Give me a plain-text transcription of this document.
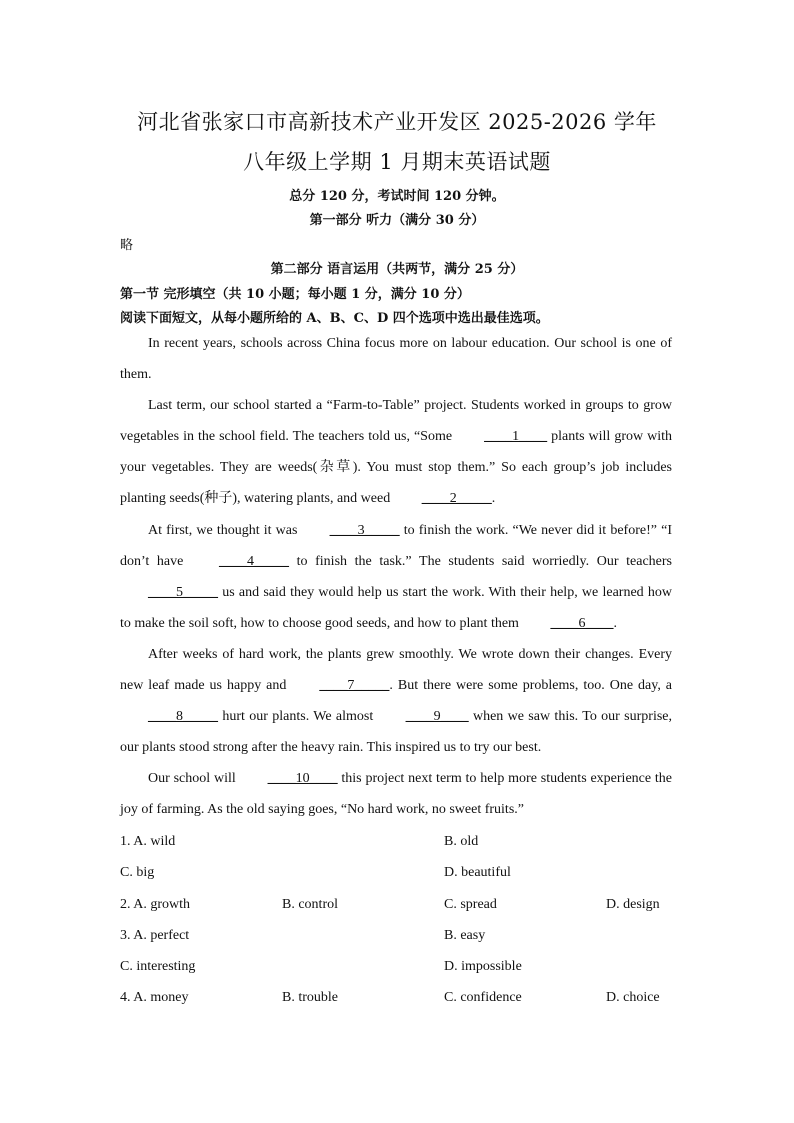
河北省张家口市高新技术产业开发区 2025-2026 学年
八年级上学期 1 月期末英语试题
总分 120 分，考试时间 120 分钟。
第一部分 听力（满分 30 分）
略
第二部分 语言运用（共两节，满分 25 分）
第一节 完形填空（共 10 小题；每小题 1 分，满分 10 分）
阅读下面短文，从每小题所给的 A、B、C、D 四个选项中选出最佳选项。

In recent years, schools across China focus more on labour education. Our school is one of them.

Last term, our school started a “Farm-to-Table” project. Students worked in groups to grow vegetables in the school field. The teachers told us, “Some ____1____ plants will grow with your vegetables. They are weeds(杂草). You must stop them.” So each group’s job includes planting seeds(种子), watering plants, and weed ____2_____.

At first, we thought it was ____3_____ to finish the work. “We never did it before!” “I don’t have ____4_____ to finish the task.” The students said worriedly. Our teachers ____5_____ us and said they would help us start the work. With their help, we learned how to make the soil soft, how to choose good seeds, and how to plant them ____6____.

After weeks of hard work, the plants grew smoothly. We wrote down their changes. Every new leaf made us happy and ____7_____. But there were some problems, too. One day, a ____8_____ hurt our plants. We almost ____9____ when we saw this. To our surprise, our plants stood strong after the heavy rain. This inspired us to try our best.

Our school will ____10____ this project next term to help more students experience the joy of farming. As the old saying goes, “No hard work, no sweet fruits.”

1. A. wild	B. old
C. big	D. beautiful
2. A. growth	B. control	C. spread	D. design
3. A. perfect	B. easy
C. interesting	D. impossible
4. A. money	B. trouble	C. confidence	D. choice
